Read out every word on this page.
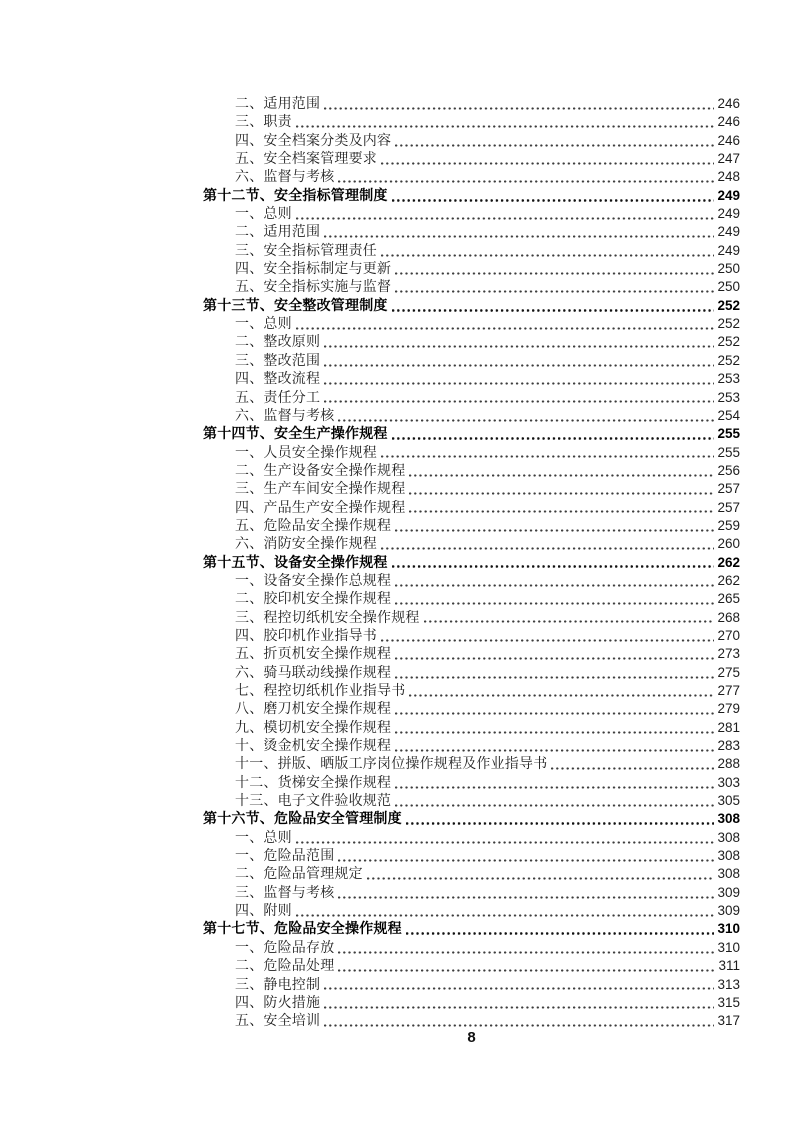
二、适用范围	246
三、职责	246
四、安全档案分类及内容	246
五、安全档案管理要求	247
六、监督与考核	248
第十二节、安全指标管理制度	249
一、总则	249
二、适用范围	249
三、安全指标管理责任	249
四、安全指标制定与更新	250
五、安全指标实施与监督	250
第十三节、安全整改管理制度	252
一、总则	252
二、整改原则	252
三、整改范围	252
四、整改流程	253
五、责任分工	253
六、监督与考核	254
第十四节、安全生产操作规程	255
一、人员安全操作规程	255
二、生产设备安全操作规程	256
三、生产车间安全操作规程	257
四、产品生产安全操作规程	257
五、危险品安全操作规程	259
六、消防安全操作规程	260
第十五节、设备安全操作规程	262
一、设备安全操作总规程	262
二、胶印机安全操作规程	265
三、程控切纸机安全操作规程	268
四、胶印机作业指导书	270
五、折页机安全操作规程	273
六、骑马联动线操作规程	275
七、程控切纸机作业指导书	277
八、磨刀机安全操作规程	279
九、模切机安全操作规程	281
十、烫金机安全操作规程	283
十一、拼版、晒版工序岗位操作规程及作业指导书	288
十二、货梯安全操作规程	303
十三、电子文件验收规范	305
第十六节、危险品安全管理制度	308
一、总则	308
一、危险品范围	308
二、危险品管理规定	308
三、监督与考核	309
四、附则	309
第十七节、危险品安全操作规程	310
一、危险品存放	310
二、危险品处理	311
三、静电控制	313
四、防火措施	315
五、安全培训	317
8
